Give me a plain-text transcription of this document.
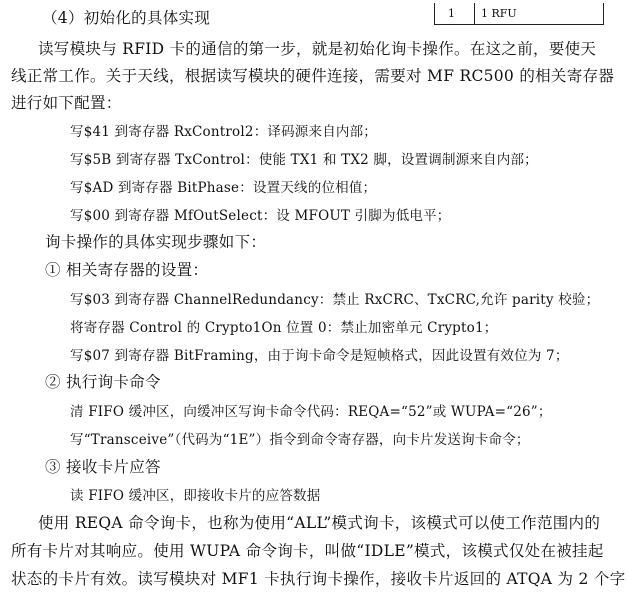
1	1 RFU
（4）初始化的具体实现
读写模块与 RFID 卡的通信的第一步，就是初始化询卡操作。在这之前，要使天
线正常工作。关于天线，根据读写模块的硬件连接，需要对 MF RC500 的相关寄存器
进行如下配置：
写$41 到寄存器 RxControl2：译码源来自内部；
写$5B 到寄存器 TxControl：使能 TX1 和 TX2 脚，设置调制源来自内部；
写$AD 到寄存器 BitPhase：设置天线的位相值；
写$00 到寄存器 MfOutSelect：设 MFOUT 引脚为低电平；
询卡操作的具体实现步骤如下：
① 相关寄存器的设置：
写$03 到寄存器 ChannelRedundancy：禁止 RxCRC、TxCRC,允许 parity 校验；
将寄存器 Control 的 Crypto1On 位置 0：禁止加密单元 Crypto1；
写$07 到寄存器 BitFraming，由于询卡命令是短帧格式，因此设置有效位为 7；
② 执行询卡命令
清 FIFO 缓冲区，向缓冲区写询卡命令代码：REQA=“52”或 WUPA=“26”；
写“Transceive”（代码为“1E”）指令到命令寄存器，向卡片发送询卡命令；
③ 接收卡片应答
读 FIFO 缓冲区，即接收卡片的应答数据
使用 REQA 命令询卡，也称为使用“ALL”模式询卡，该模式可以使工作范围内的
所有卡片对其响应。使用 WUPA 命令询卡，叫做“IDLE”模式，该模式仅处在被挂起
状态的卡片有效。读写模块对 MF1 卡执行询卡操作，接收卡片返回的 ATQA 为 2 个字
